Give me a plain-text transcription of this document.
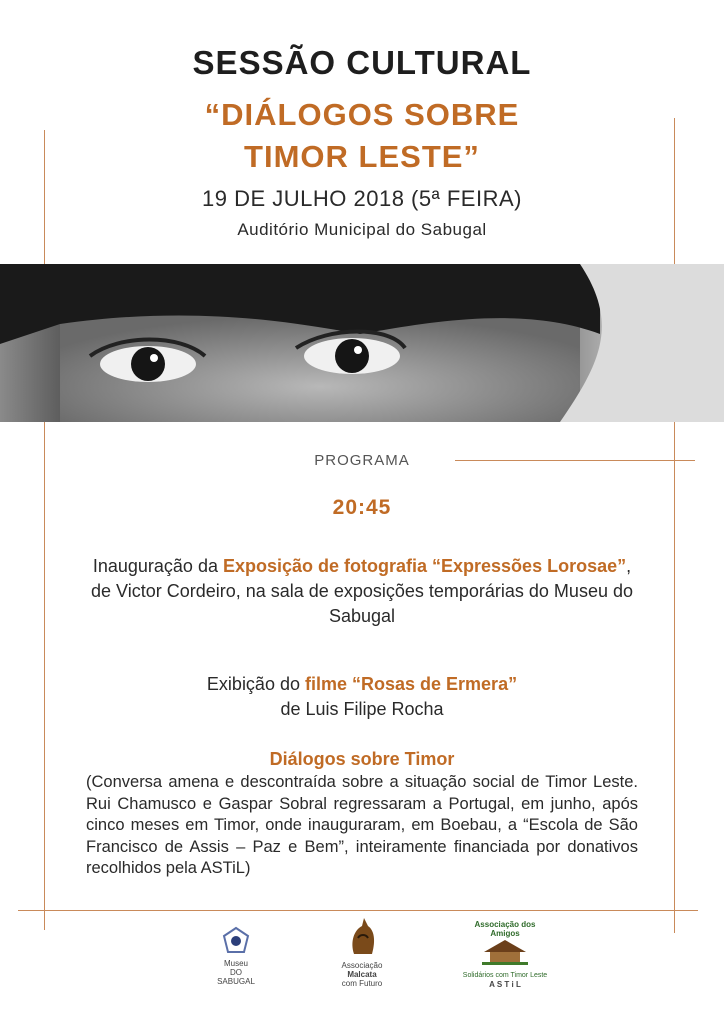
SESSÃO CULTURAL
“DIÁLOGOS SOBRE
TIMOR LESTE”
19 DE JULHO 2018 (5ª FEIRA)
Auditório Municipal do Sabugal
PROGRAMA
20:45
Inauguração da Exposição de fotografia “Expressões Lorosae”, de Victor Cordeiro, na sala de exposições temporárias do Museu do Sabugal
Exibição do filme “Rosas de Ermera”
de Luis Filipe Rocha
Diálogos sobre Timor
(Conversa amena e descontraída sobre a situação social de Timor Leste. Rui Chamusco e Gaspar Sobral regressaram a Portugal, em junho, após cinco meses em Timor, onde inauguraram, em Boebau, a “Escola de São Francisco de Assis – Paz e Bem”, inteiramente financiada por donativos recolhidos pela ASTiL)
Museu
DO
SABUGAL
Associação
Malcata
com Futuro
Associação dos Amigos
Solidários com Timor Leste
A S T i L
